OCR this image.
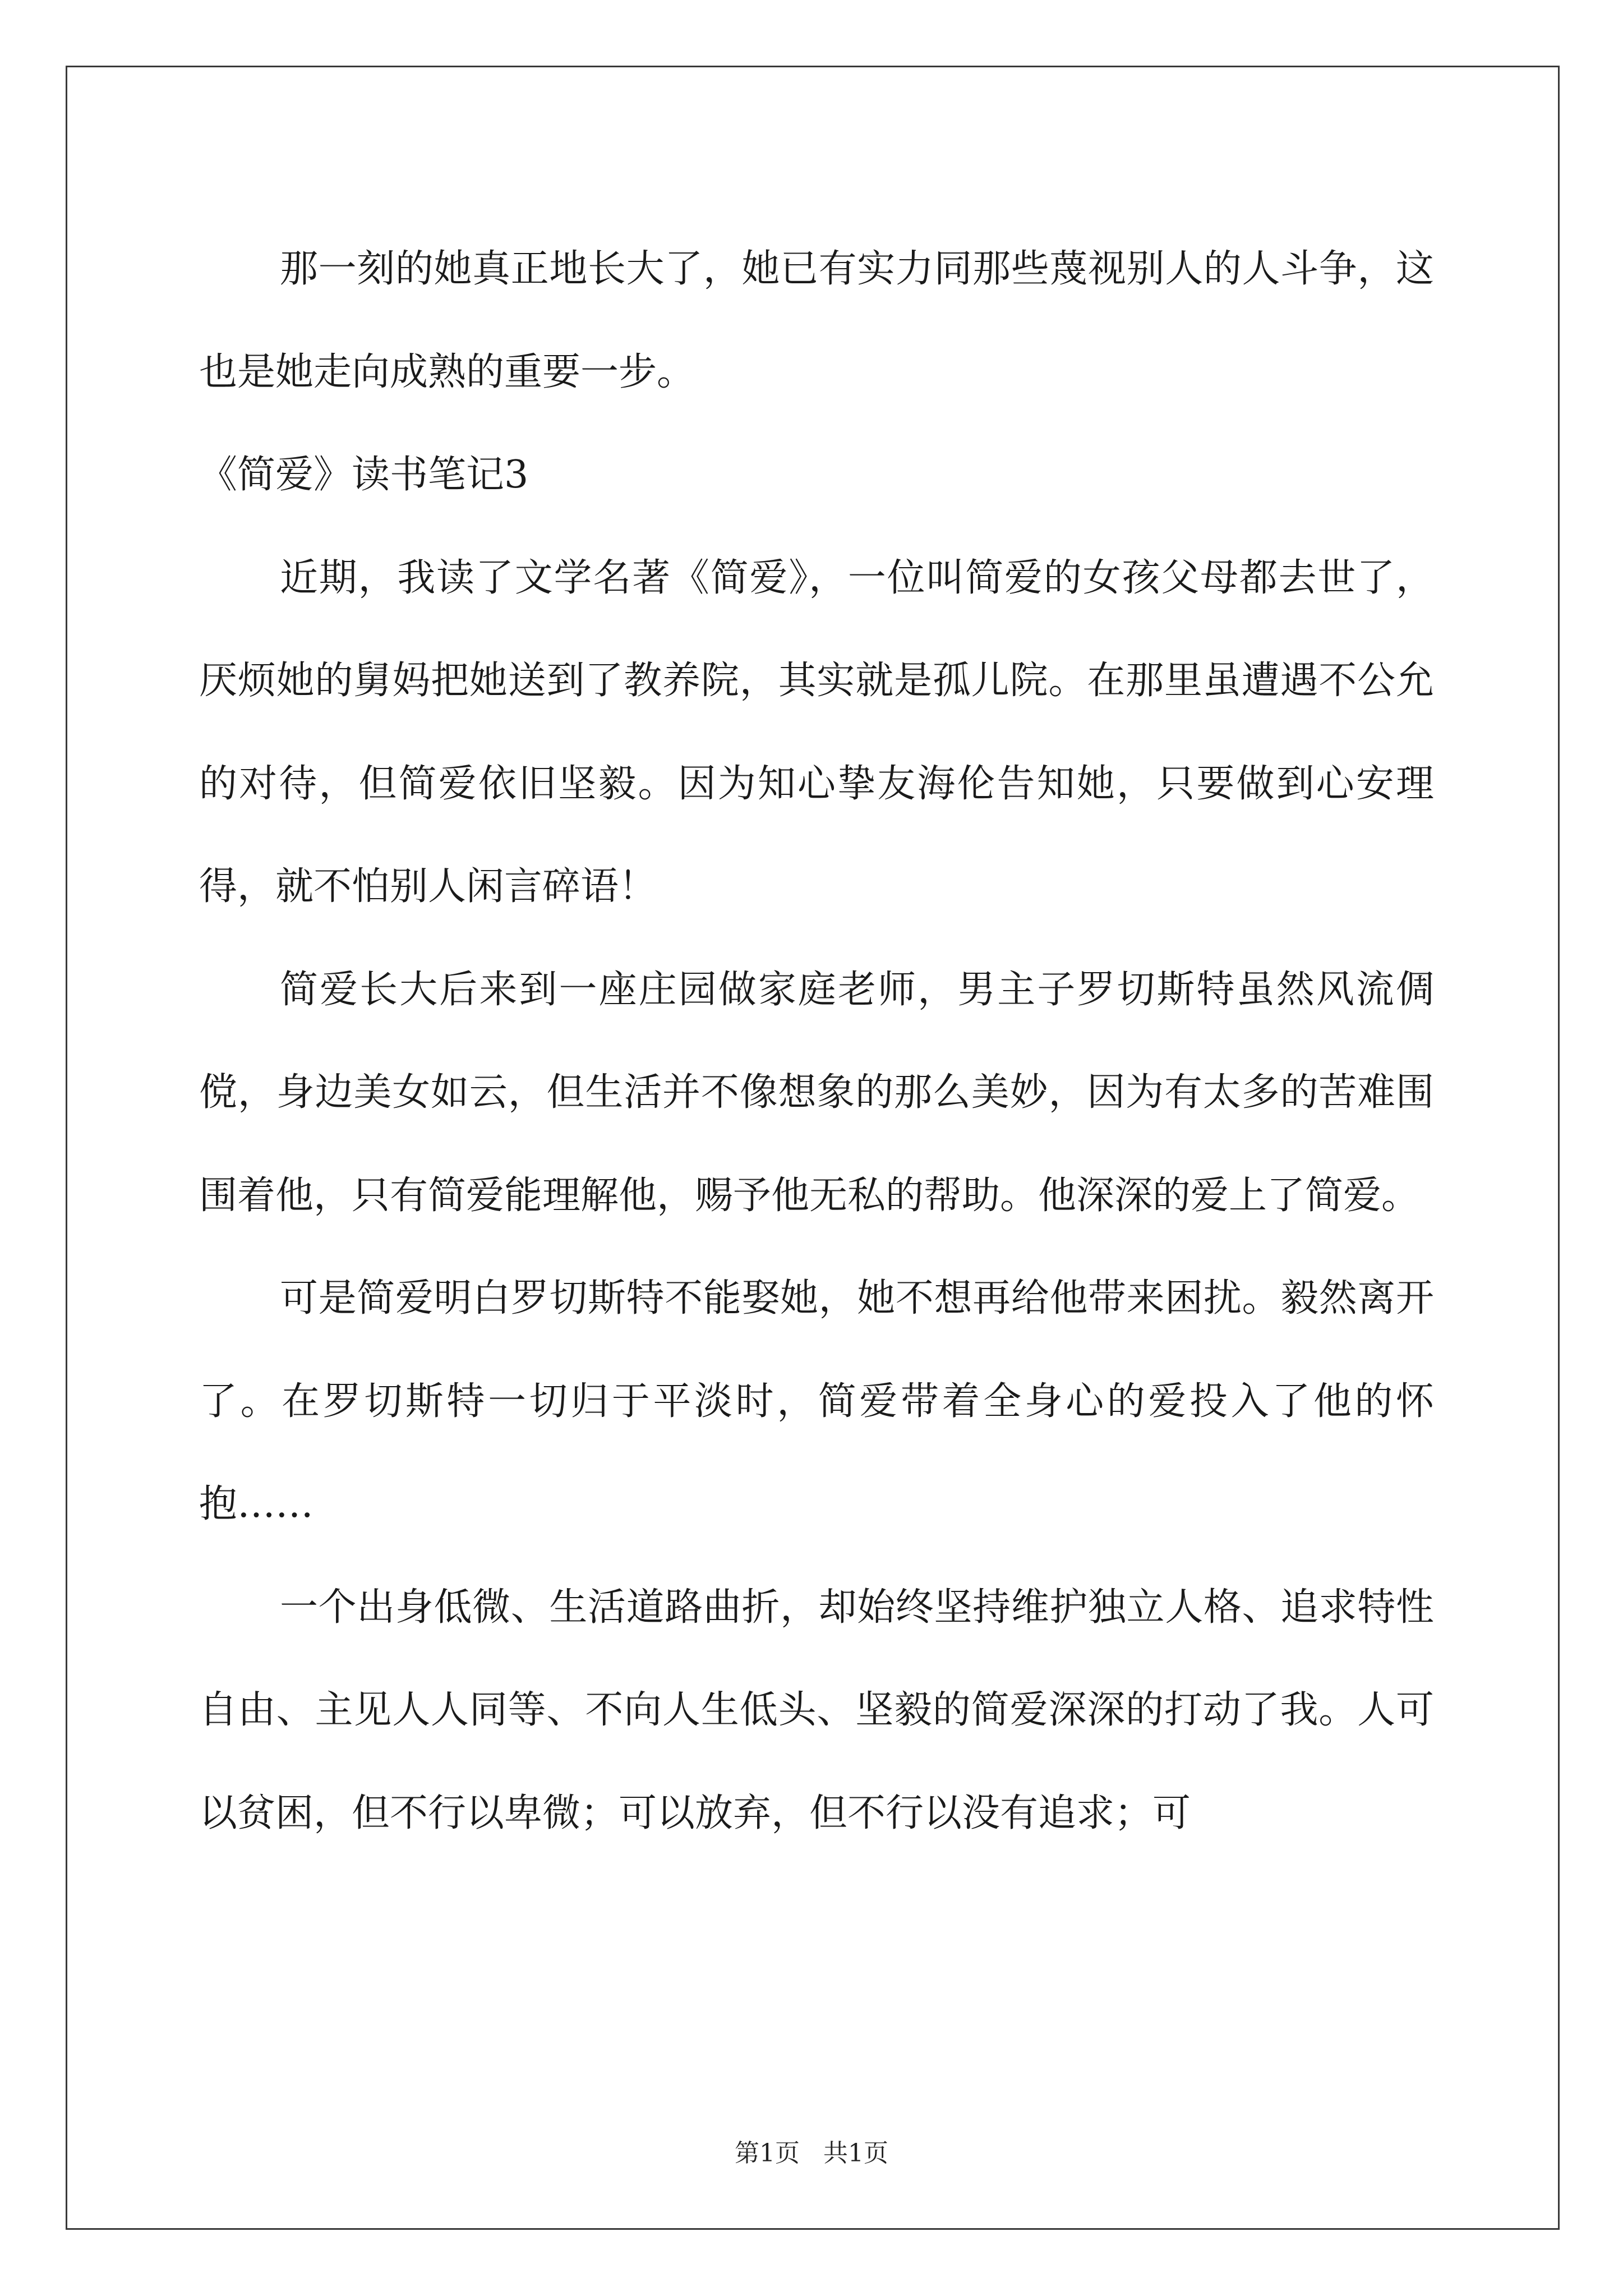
那一刻的她真正地长大了，她已有实力同那些蔑视别人的人斗争，这也是她走向成熟的重要一步。

《简爱》读书笔记3

近期，我读了文学名著《简爱》，一位叫简爱的女孩父母都去世了，厌烦她的舅妈把她送到了教养院，其实就是孤儿院。在那里虽遭遇不公允的对待，但简爱依旧坚毅。因为知心挚友海伦告知她，只要做到心安理得，就不怕别人闲言碎语！

简爱长大后来到一座庄园做家庭老师，男主子罗切斯特虽然风流倜傥，身边美女如云，但生活并不像想象的那么美妙，因为有太多的苦难围围着他，只有简爱能理解他，赐予他无私的帮助。他深深的爱上了简爱。

可是简爱明白罗切斯特不能娶她，她不想再给他带来困扰。毅然离开了。在罗切斯特一切归于平淡时，简爱带着全身心的爱投入了他的怀抱……

一个出身低微、生活道路曲折，却始终坚持维护独立人格、追求特性自由、主见人人同等、不向人生低头、坚毅的简爱深深的打动了我。人可以贫困，但不行以卑微；可以放弃，但不行以没有追求；可

第1页   共1页
